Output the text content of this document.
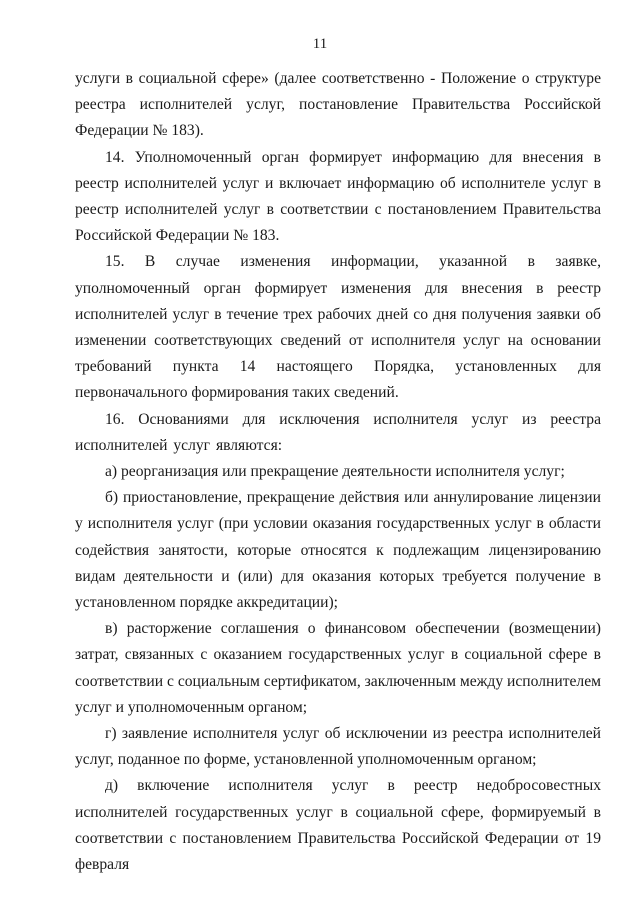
11

услуги в социальной сфере» (далее соответственно - Положение о структуре реестра исполнителей услуг, постановление Правительства Российской Федерации № 183).

14. Уполномоченный орган формирует информацию для внесения в реестр исполнителей услуг и включает информацию об исполнителе услуг в реестр исполнителей услуг в соответствии с постановлением Правительства Российской Федерации № 183.

15. В случае изменения информации, указанной в заявке, уполномоченный орган формирует изменения для внесения в реестр исполнителей услуг в течение трех рабочих дней со дня получения заявки об изменении соответствующих сведений от исполнителя услуг на основании требований пункта 14 настоящего Порядка, установленных для первоначального формирования таких сведений.

16. Основаниями для исключения исполнителя услуг из реестра исполнителей услуг являются:

а) реорганизация или прекращение деятельности исполнителя услуг;

б) приостановление, прекращение действия или аннулирование лицензии у исполнителя услуг (при условии оказания государственных услуг в области содействия занятости, которые относятся к подлежащим лицензированию видам деятельности и (или) для оказания которых требуется получение в установленном порядке аккредитации);

в) расторжение соглашения о финансовом обеспечении (возмещении) затрат, связанных с оказанием государственных услуг в социальной сфере в соответствии с социальным сертификатом, заключенным между исполнителем услуг и уполномоченным органом;

г) заявление исполнителя услуг об исключении из реестра исполнителей услуг, поданное по форме, установленной уполномоченным органом;

д) включение исполнителя услуг в реестр недобросовестных исполнителей государственных услуг в социальной сфере, формируемый в соответствии с постановлением Правительства Российской Федерации от 19 февраля
